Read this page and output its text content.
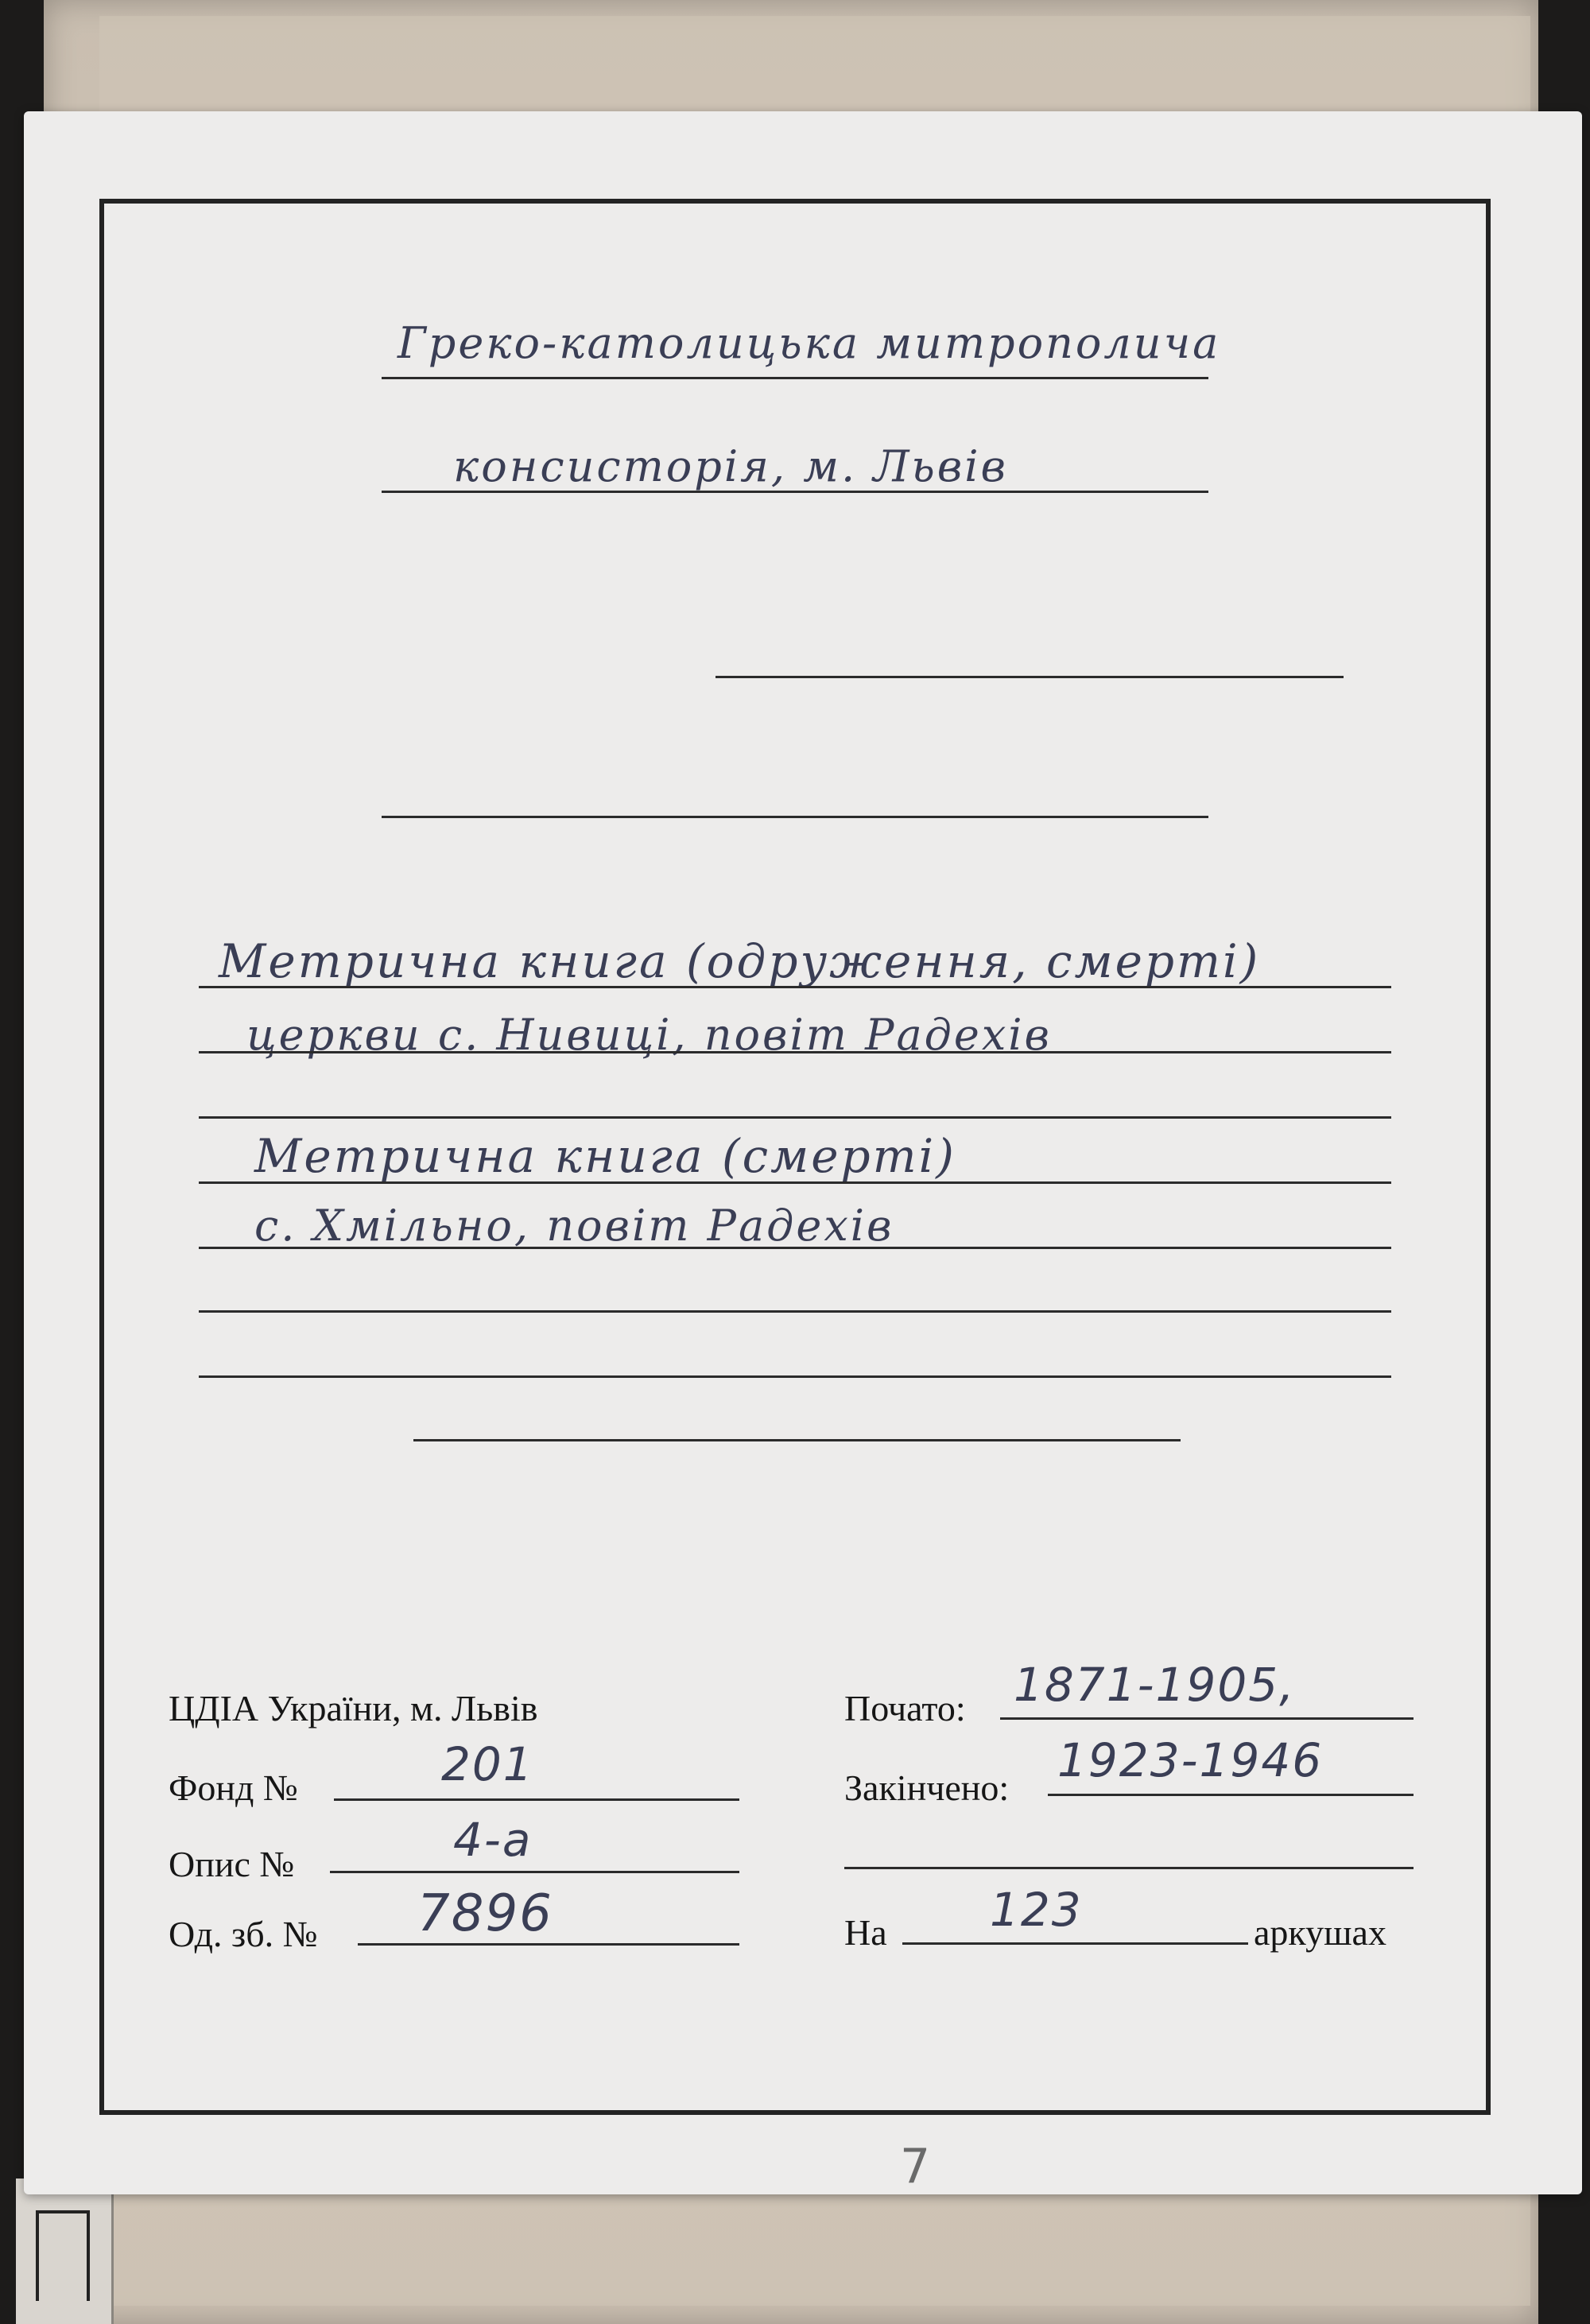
Греко-католицька митрополича
консисторія, м. Львів
Метрична книга (одруження, смерті)
церкви с. Нивиці, повіт Радехів
Метрична книга (смерті)
с. Хмільно, повіт Радехів
ЦДІА України, м. Львів
Фонд №	201
Опис №	4-а
Од. зб. № 7896
Почато: 1871-1905,
Закінчено:
1923-1946
На 123	аркушах
7
